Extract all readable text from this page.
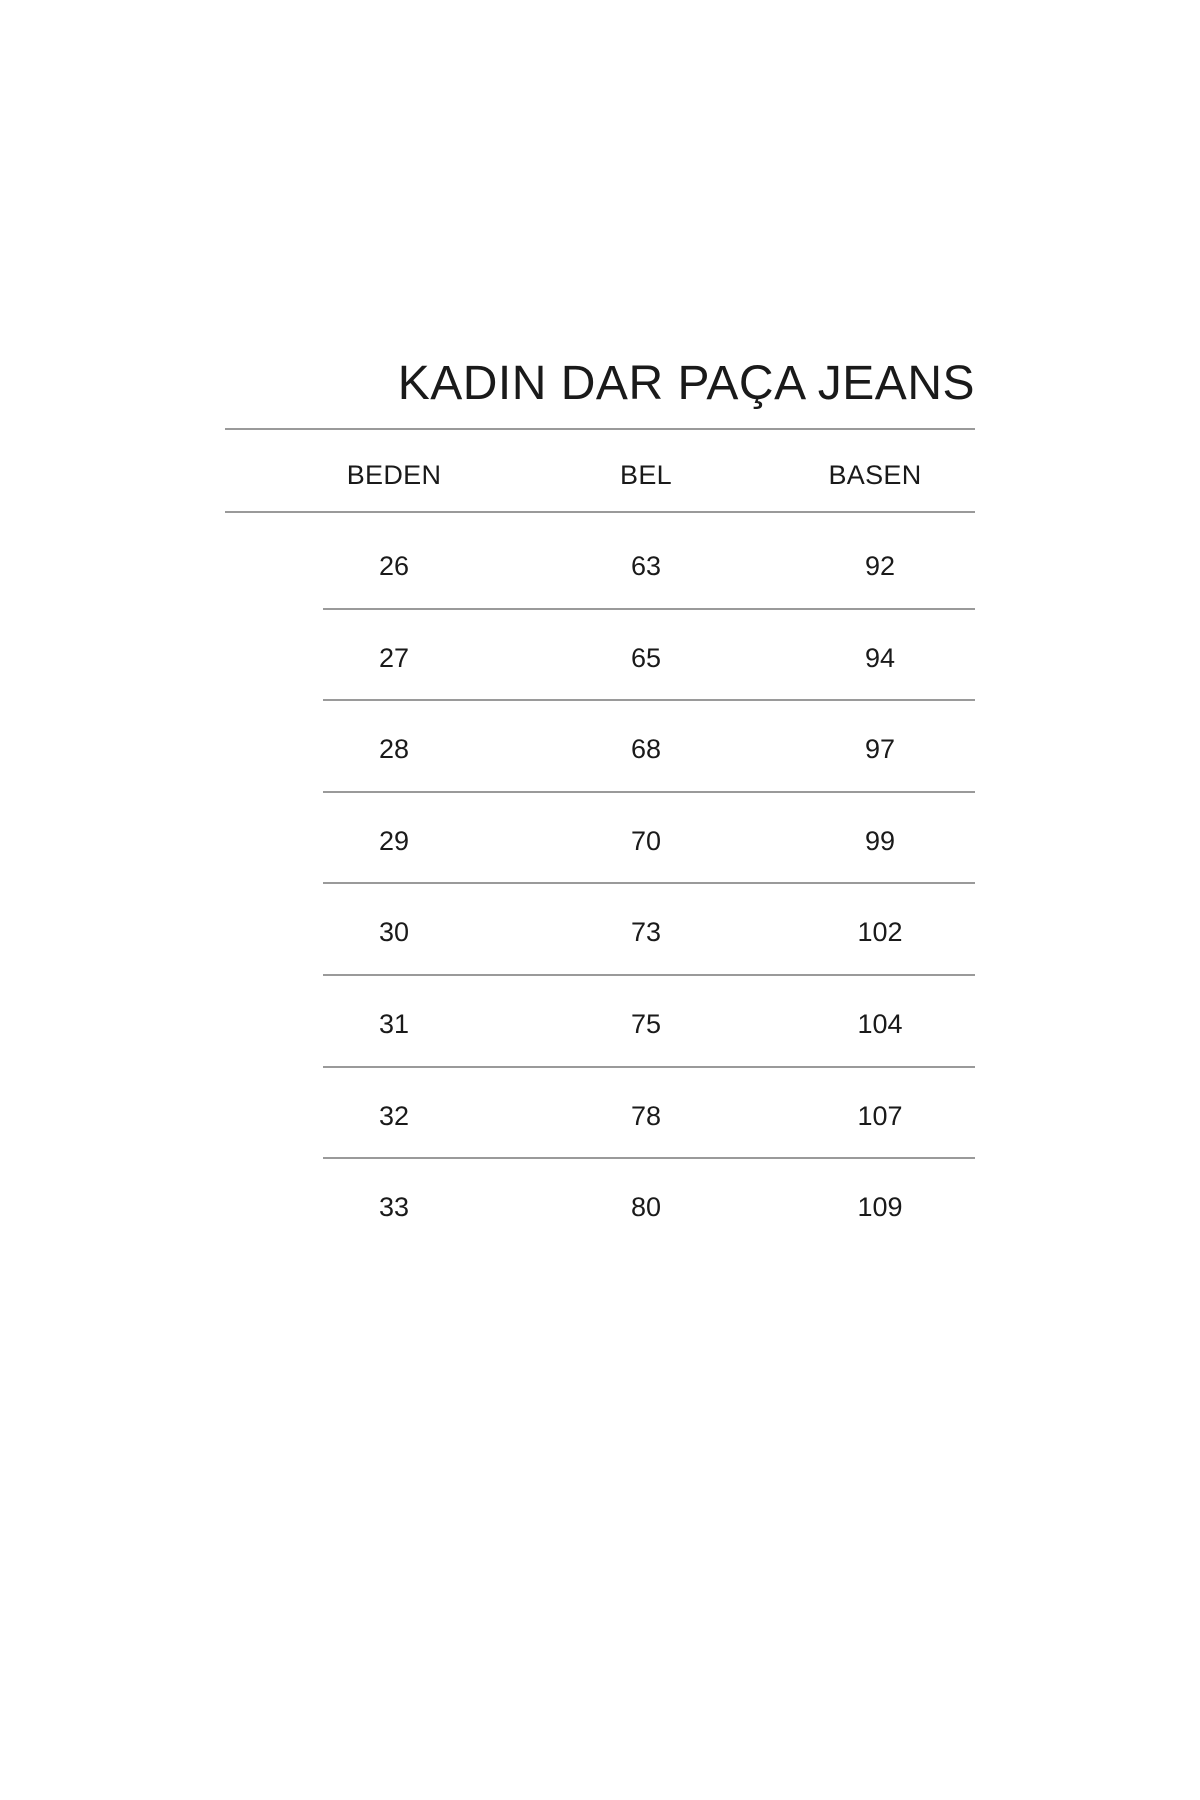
KADIN DAR PAÇA JEANS
BEDEN	BEL	BASEN
26	63	92
27	65	94
28	68	97
29	70	99
30	73	102
31	75	104
32	78	107
33	80	109
